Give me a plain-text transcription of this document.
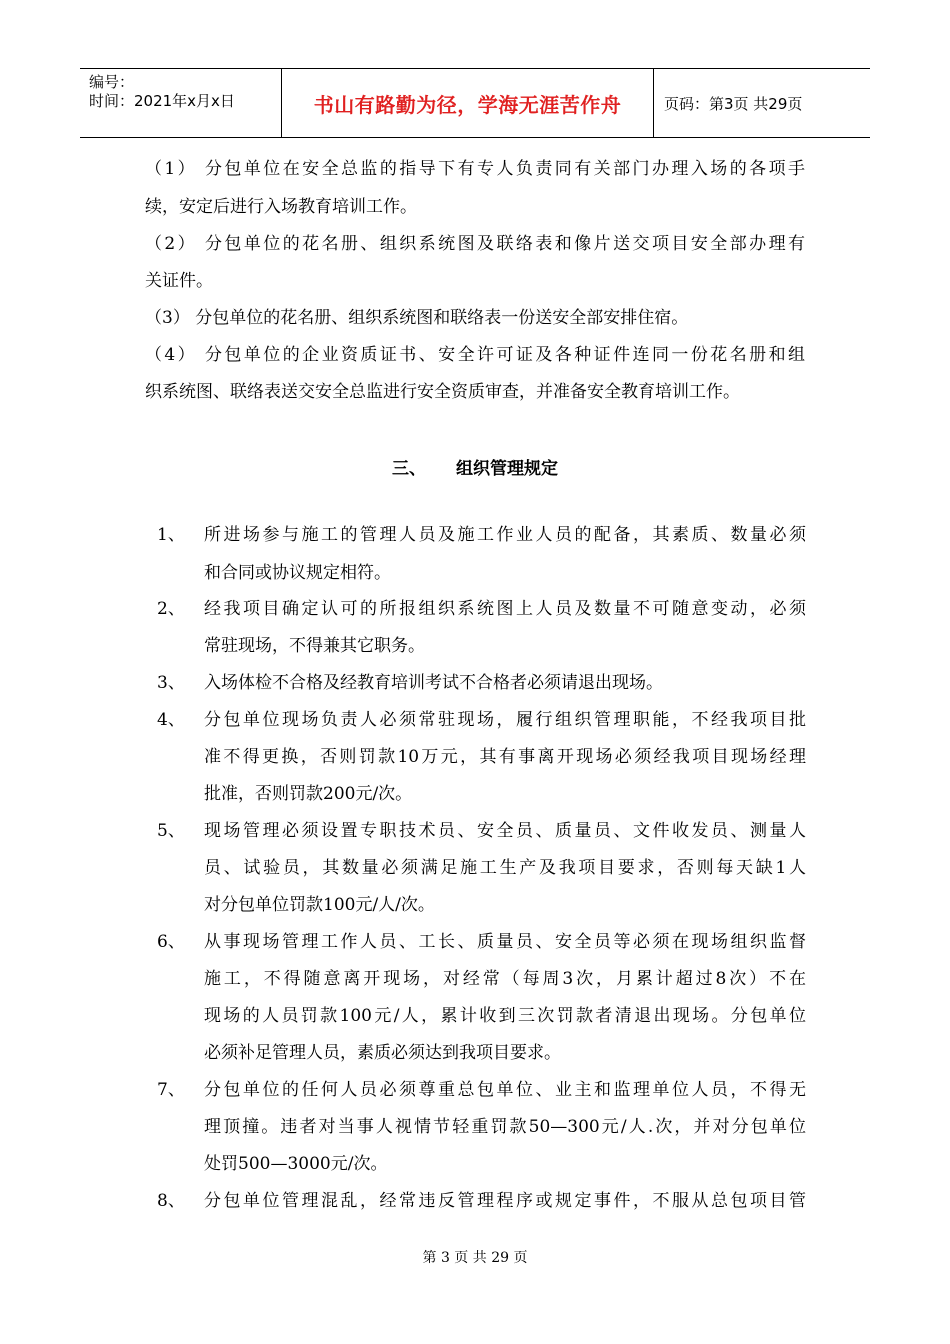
编号：
时间：2021年x月x日	书山有路勤为径，学海无涯苦作舟	页码：第3页 共29页
（1） 分包单位在安全总监的指导下有专人负责同有关部门办理入场的各项手
续，安定后进行入场教育培训工作。
（2） 分包单位的花名册、组织系统图及联络表和像片送交项目安全部办理有
关证件。
（3） 分包单位的花名册、组织系统图和联络表一份送安全部安排住宿。
（4） 分包单位的企业资质证书、安全许可证及各种证件连同一份花名册和组
织系统图、联络表送交安全总监进行安全资质审查，并准备安全教育培训工作。
三、 组织管理规定
1、 所进场参与施工的管理人员及施工作业人员的配备，其素质、数量必须
和合同或协议规定相符。
2、 经我项目确定认可的所报组织系统图上人员及数量不可随意变动，必须
常驻现场，不得兼其它职务。
3、 入场体检不合格及经教育培训考试不合格者必须请退出现场。
4、 分包单位现场负责人必须常驻现场，履行组织管理职能，不经我项目批
准不得更换，否则罚款10万元，其有事离开现场必须经我项目现场经理
批准，否则罚款200元/次。
5、 现场管理必须设置专职技术员、安全员、质量员、文件收发员、测量人
员、试验员，其数量必须满足施工生产及我项目要求，否则每天缺1人
对分包单位罚款100元/人/次。
6、 从事现场管理工作人员、工长、质量员、安全员等必须在现场组织监督
施工，不得随意离开现场，对经常（每周3次，月累计超过8次）不在
现场的人员罚款100元/人，累计收到三次罚款者清退出现场。分包单位
必须补足管理人员，素质必须达到我项目要求。
7、 分包单位的任何人员必须尊重总包单位、业主和监理单位人员，不得无
理顶撞。违者对当事人视情节轻重罚款50—300元/人.次，并对分包单位
处罚500—3000元/次。
8、 分包单位管理混乱，经常违反管理程序或规定事件，不服从总包项目管
第 3 页 共 29 页
